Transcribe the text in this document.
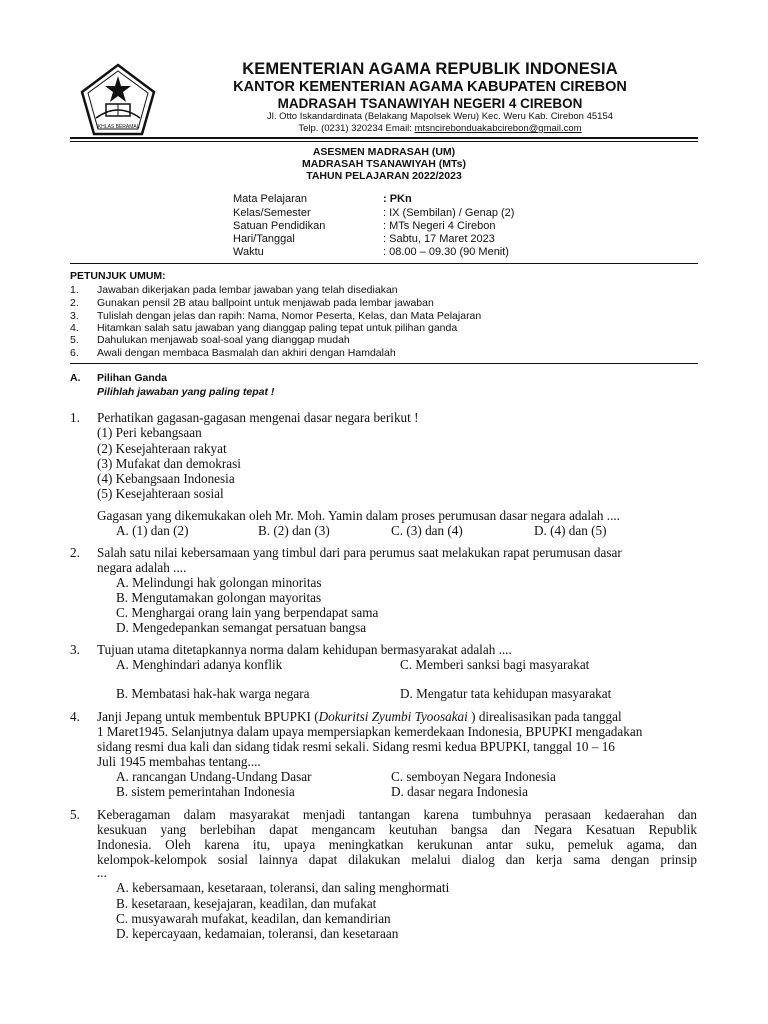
IKHLAS BERAMAL
KEMENTERIAN AGAMA REPUBLIK INDONESIA
KANTOR KEMENTERIAN AGAMA KABUPATEN CIREBON
MADRASAH TSANAWIYAH NEGERI 4 CIREBON
Jl. Otto Iskandardinata (Belakang Mapolsek Weru) Kec. Weru Kab. Cirebon 45154
Telp. (0231) 320234 Email: mtsncirebonduakabcirebon@gmail.com
ASESMEN MADRASAH (UM)
MADRASAH TSANAWIYAH (MTs)
TAHUN PELAJARAN 2022/2023
Mata Pelajaran	: PKn
Kelas/Semester	: IX (Sembilan) / Genap (2)
Satuan Pendidikan	: MTs Negeri 4 Cirebon
Hari/Tanggal	: Sabtu, 17 Maret 2023
Waktu	: 08.00 – 09.30 (90 Menit)
PETUNJUK UMUM:
1. Jawaban dikerjakan pada lembar jawaban yang telah disediakan
2. Gunakan pensil 2B atau ballpoint untuk menjawab pada lembar jawaban
3. Tulislah dengan jelas dan rapih: Nama, Nomor Peserta, Kelas, dan Mata Pelajaran
4. Hitamkan salah satu jawaban yang dianggap paling tepat untuk pilihan ganda
5. Dahulukan menjawab soal-soal yang dianggap mudah
6. Awali dengan membaca Basmalah dan akhiri dengan Hamdalah
A. Pilihan Ganda
Pilihlah jawaban yang paling tepat !
1. Perhatikan gagasan-gagasan mengenai dasar negara berikut !
(1) Peri kebangsaan
(2) Kesejahteraan rakyat
(3) Mufakat dan demokrasi
(4) Kebangsaan Indonesia
(5) Kesejahteraan sosial
Gagasan yang dikemukakan oleh Mr. Moh. Yamin dalam proses perumusan dasar negara adalah ....
A. (1) dan (2)	B. (2) dan (3)	C. (3) dan (4)	D. (4) dan (5)
2. Salah satu nilai kebersamaan yang timbul dari para perumus saat melakukan rapat perumusan dasar
negara adalah ....
A. Melindungi hak golongan minoritas
B. Mengutamakan golongan mayoritas
C. Menghargai orang lain yang berpendapat sama
D. Mengedepankan semangat persatuan bangsa
3. Tujuan utama ditetapkannya norma dalam kehidupan bermasyarakat adalah ....
A. Menghindari adanya konflik	C. Memberi sanksi bagi masyarakat
B. Membatasi hak-hak warga negara	D. Mengatur tata kehidupan masyarakat
4. Janji Jepang untuk membentuk BPUPKI (Dokuritsi Zyumbi Tyoosakai ) direalisasikan pada tanggal
1 Maret1945. Selanjutnya dalam upaya mempersiapkan kemerdekaan Indonesia, BPUPKI mengadakan
sidang resmi dua kali dan sidang tidak resmi sekali. Sidang resmi kedua BPUPKI, tanggal 10 – 16
Juli 1945 membahas tentang....
A. rancangan Undang-Undang Dasar	C. semboyan Negara Indonesia
B. sistem pemerintahan Indonesia	D. dasar negara Indonesia
5. Keberagaman dalam masyarakat menjadi tantangan karena tumbuhnya perasaan kedaerahan dan
kesukuan yang berlebihan dapat mengancam keutuhan bangsa dan Negara Kesatuan Republik
Indonesia. Oleh karena itu, upaya meningkatkan kerukunan antar suku, pemeluk agama, dan
kelompok-kelompok sosial lainnya dapat dilakukan melalui dialog dan kerja sama dengan prinsip
...
A. kebersamaan, kesetaraan, toleransi, dan saling menghormati
B. kesetaraan, kesejajaran, keadilan, dan mufakat
C. musyawarah mufakat, keadilan, dan kemandirian
D. kepercayaan, kedamaian, toleransi, dan kesetaraan
